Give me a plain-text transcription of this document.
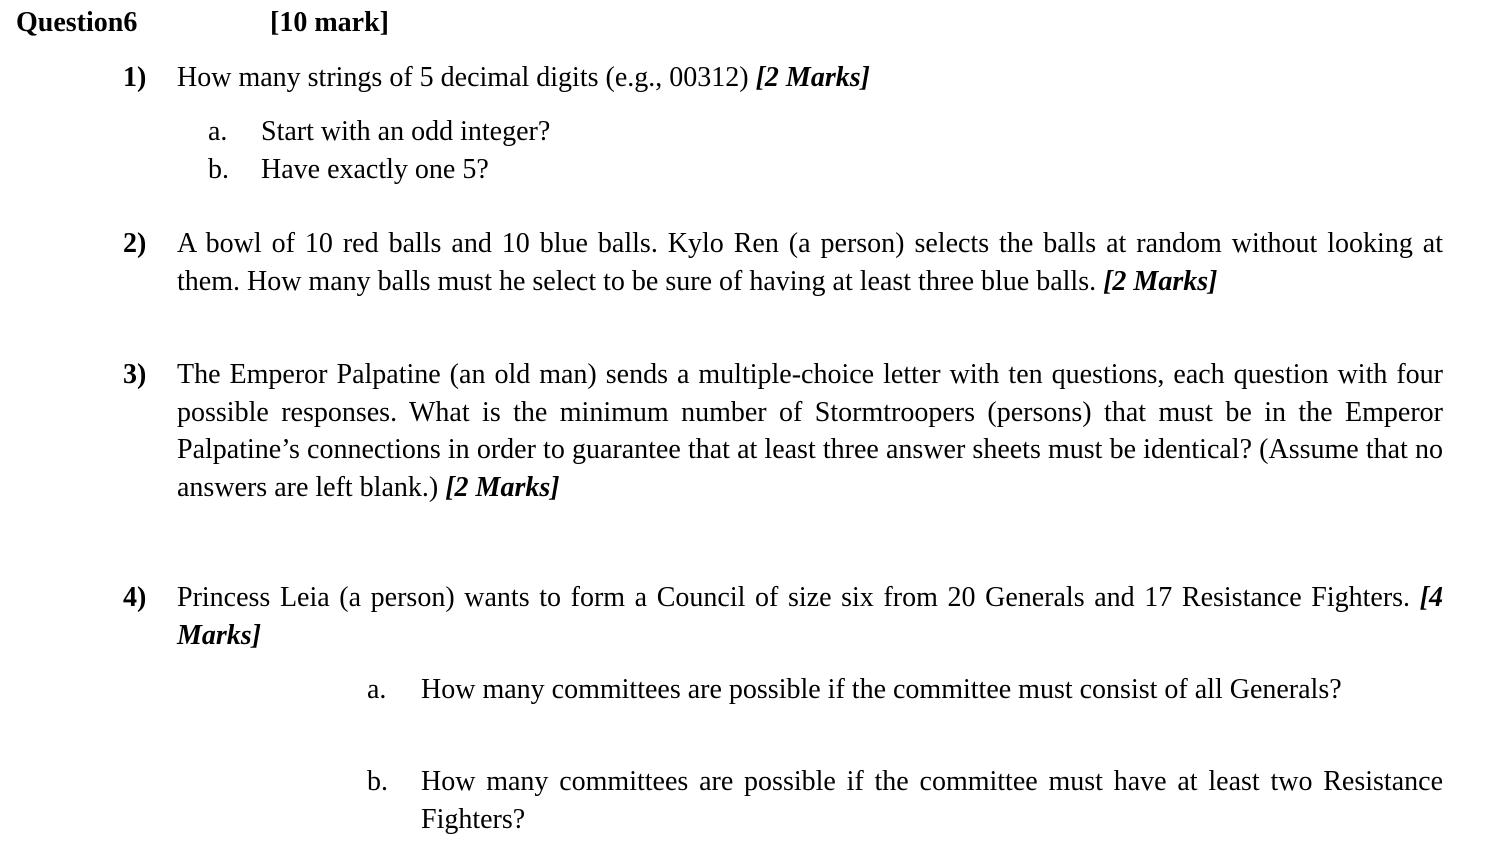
Question6	[10 mark]
1) How many strings of 5 decimal digits (e.g., 00312) [2 Marks]
a. Start with an odd integer?
b. Have exactly one 5?
2) A bowl of 10 red balls and 10 blue balls. Kylo Ren (a person) selects the balls at random without looking at them. How many balls must he select to be sure of having at least three blue balls. [2 Marks]
3) The Emperor Palpatine (an old man) sends a multiple-choice letter with ten questions, each question with four possible responses. What is the minimum number of Stormtroopers (persons) that must be in the Emperor Palpatine’s connections in order to guarantee that at least three answer sheets must be identical? (Assume that no answers are left blank.) [2 Marks]
4) Princess Leia (a person) wants to form a Council of size six from 20 Generals and 17 Resistance Fighters. [4 Marks]
a. How many committees are possible if the committee must consist of all Generals?
b. How many committees are possible if the committee must have at least two Resistance Fighters?
